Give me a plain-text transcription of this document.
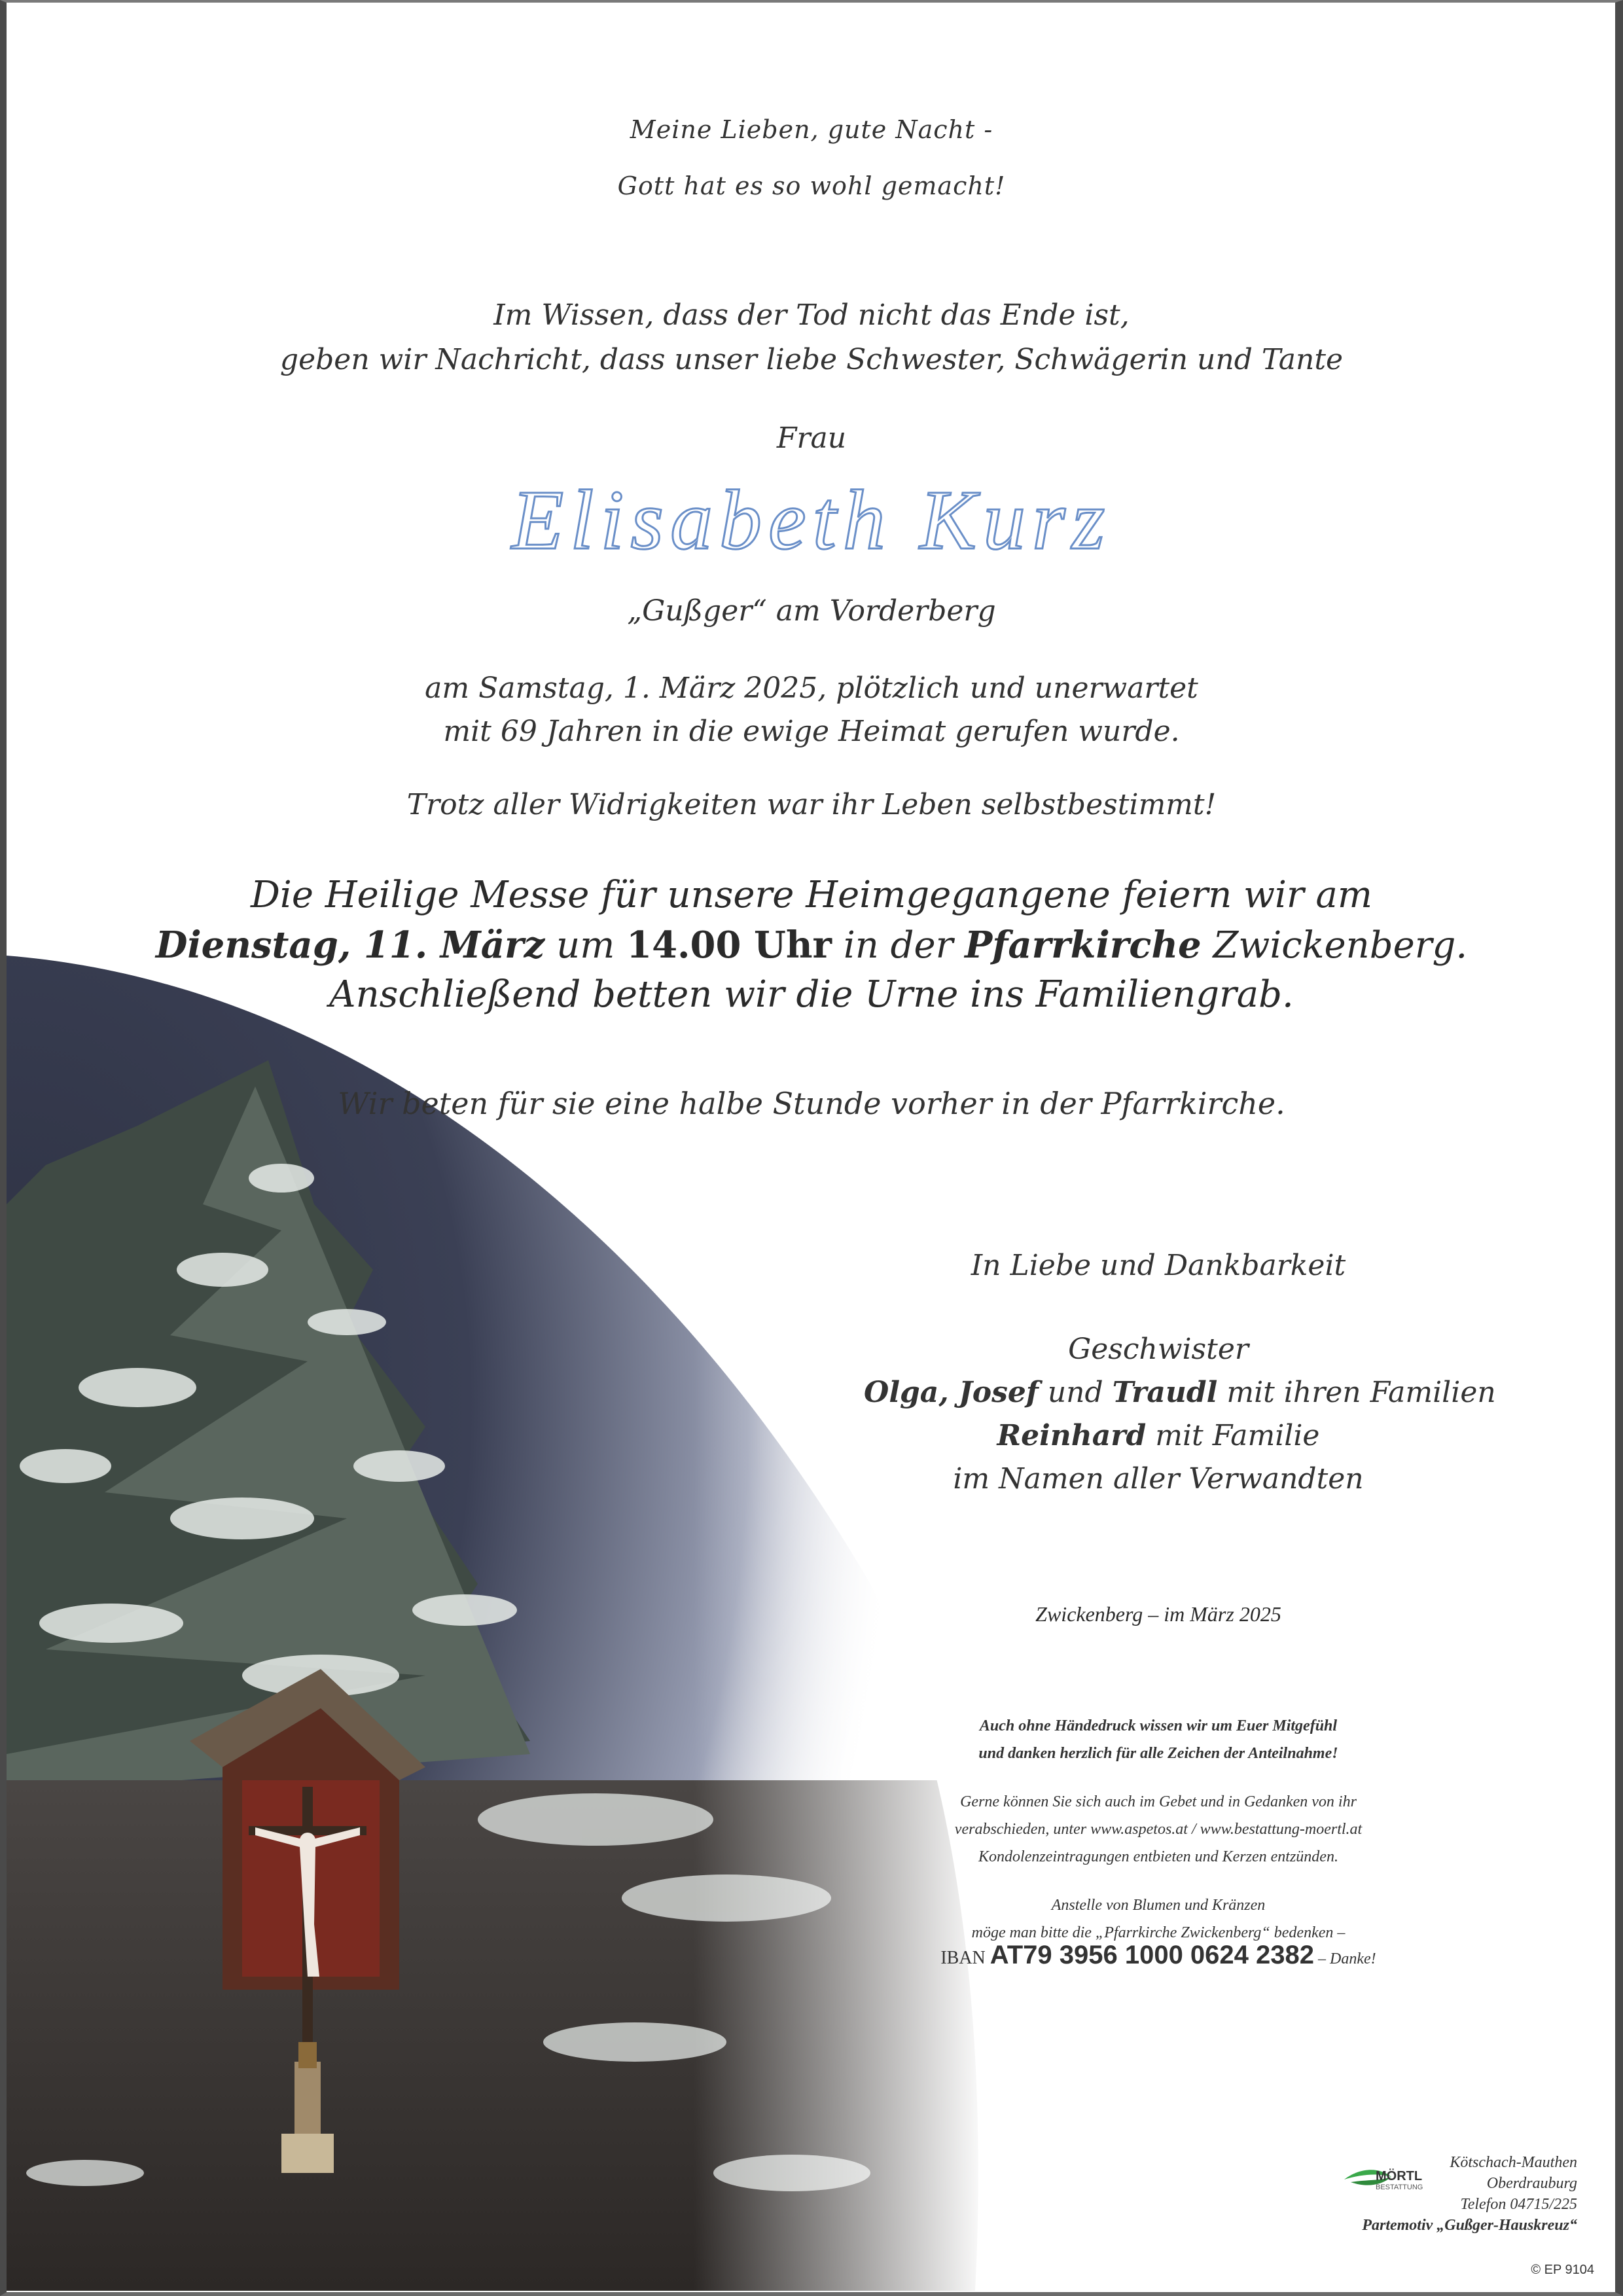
Meine Lieben, gute Nacht -
Gott hat es so wohl gemacht!
Im Wissen, dass der Tod nicht das Ende ist,
geben wir Nachricht, dass unser liebe Schwester, Schwägerin und Tante
Frau
Elisabeth Kurz
„Gußger“ am Vorderberg
am Samstag, 1. März 2025, plötzlich und unerwartet
mit 69 Jahren in die ewige Heimat gerufen wurde.
Trotz aller Widrigkeiten war ihr Leben selbstbestimmt!
Die Heilige Messe für unsere Heimgegangene feiern wir am
Dienstag, 11. März um 14.00 Uhr in der Pfarrkirche Zwickenberg.
Anschließend betten wir die Urne ins Familiengrab.
Wir beten für sie eine halbe Stunde vorher in der Pfarrkirche.
In Liebe und Dankbarkeit
Geschwister
Olga, Josef und Traudl mit ihren Familien
Reinhard mit Familie
im Namen aller Verwandten
Zwickenberg – im März 2025
Auch ohne Händedruck wissen wir um Euer Mitgefühl
und danken herzlich für alle Zeichen der Anteilnahme!
Gerne können Sie sich auch im Gebet und in Gedanken von ihr
verabschieden, unter www.aspetos.at / www.bestattung-moertl.at
Kondolenzeintragungen entbieten und Kerzen entzünden.
Anstelle von Blumen und Kränzen
möge man bitte die „Pfarrkirche Zwickenberg“ bedenken –
IBAN AT79 3956 1000 0624 2382 – Danke!
MÖRTL
BESTATTUNG
Kötschach-Mauthen
Oberdrauburg
Telefon 04715/225
Partemotiv „Gußger-Hauskreuz“
© EP 9104
